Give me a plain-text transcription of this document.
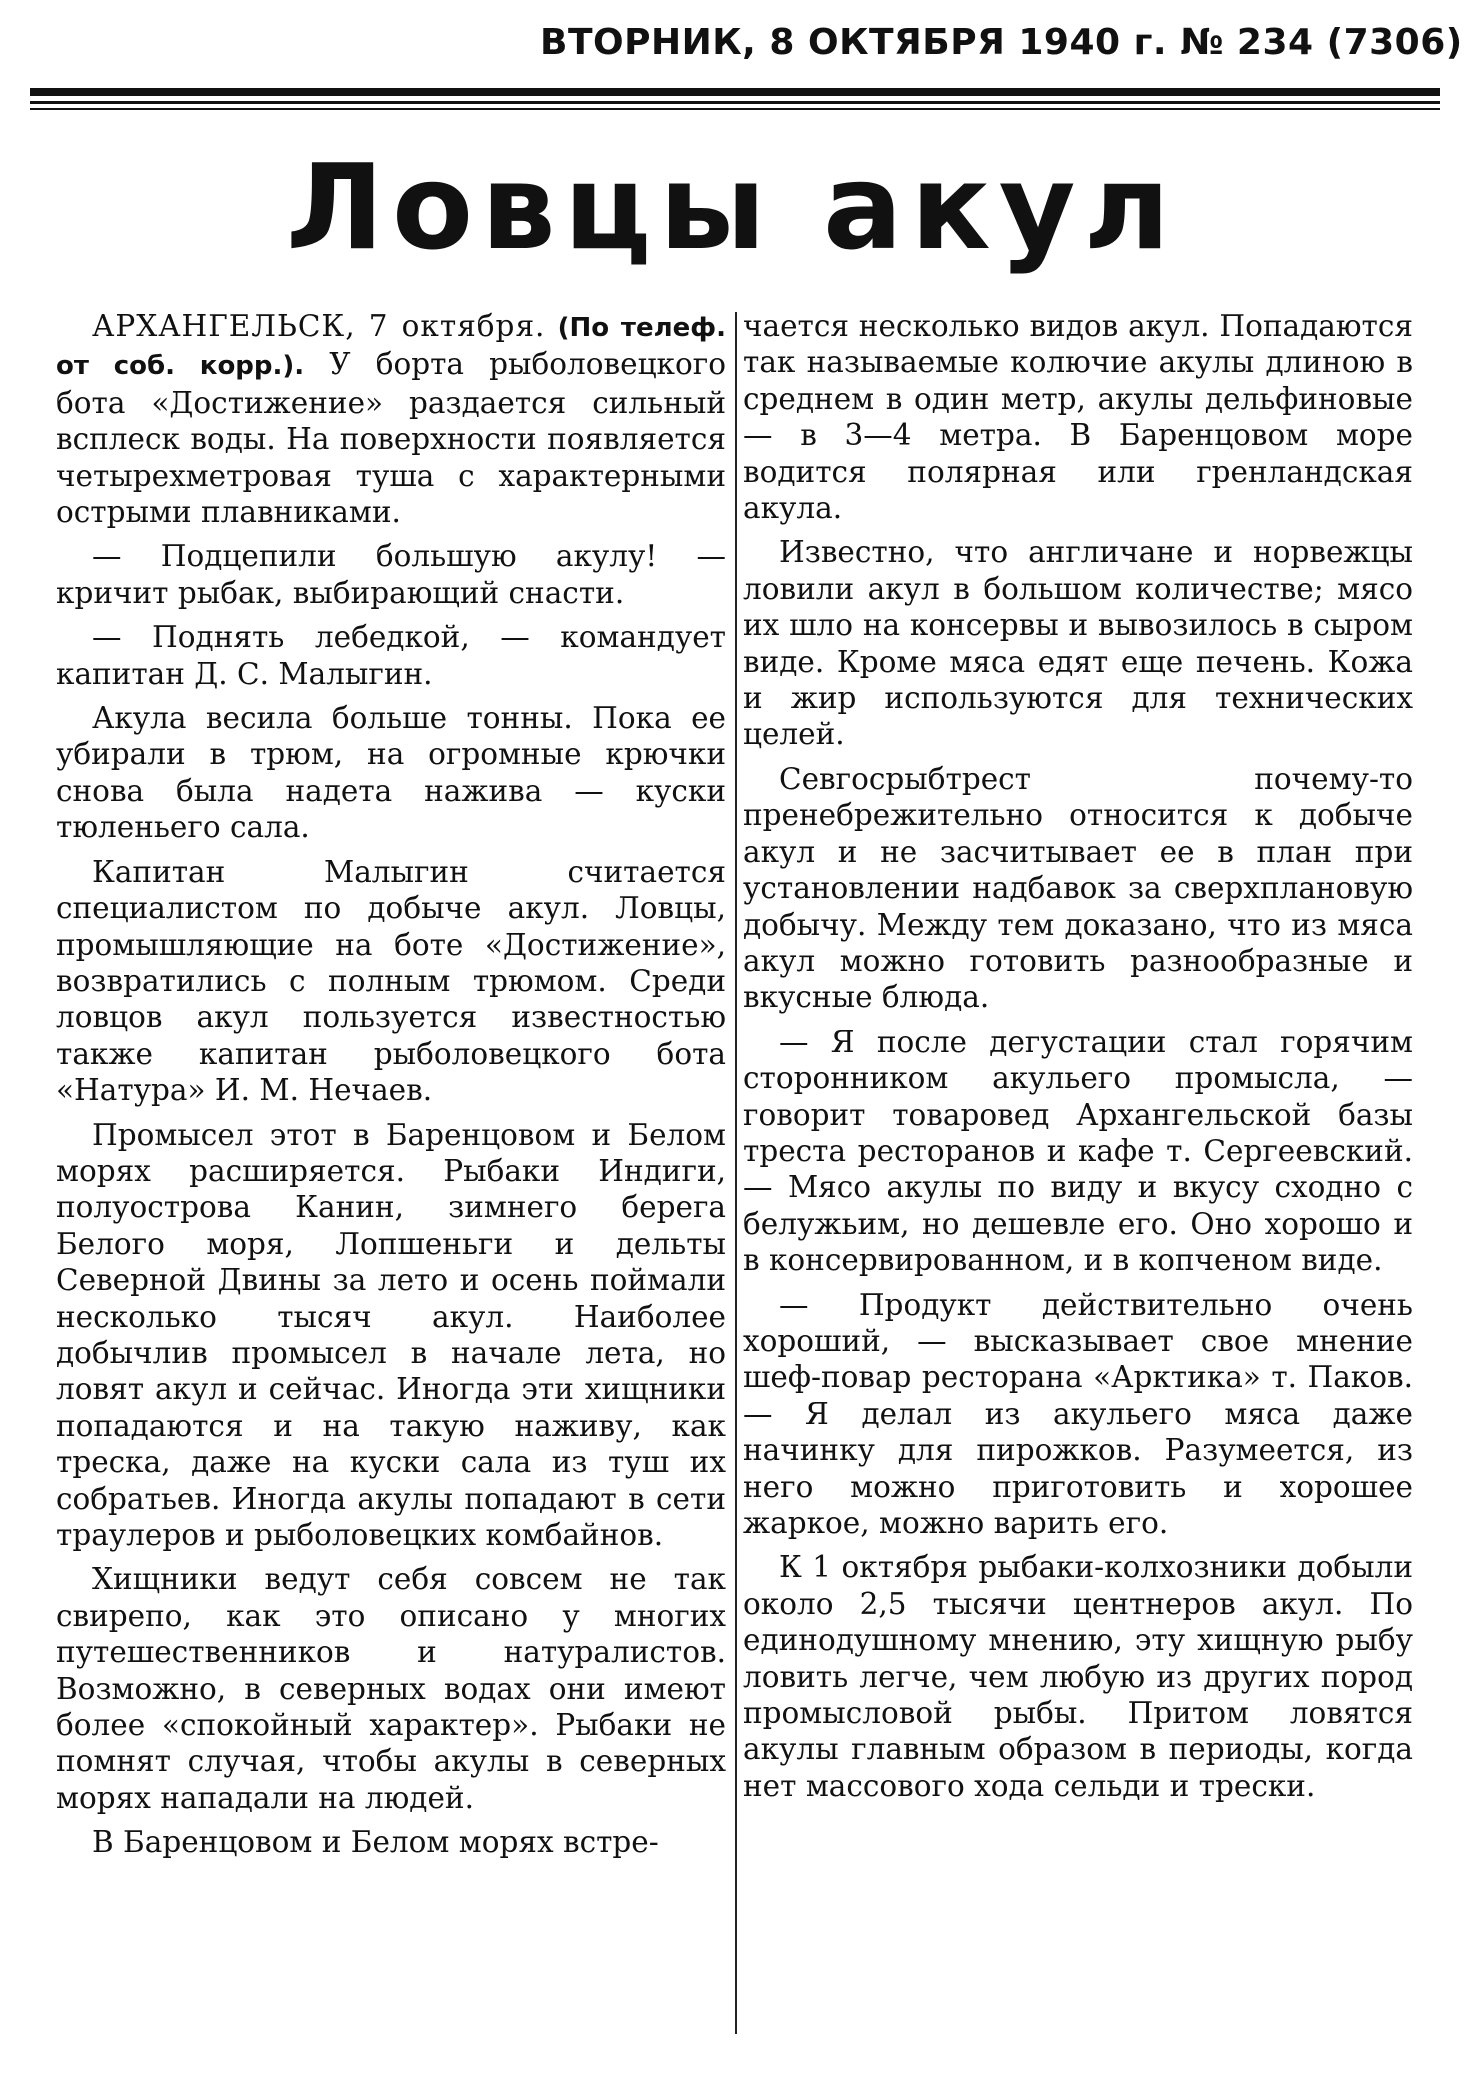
ВТОРНИК, 8 ОКТЯБРЯ 1940 г. № 234 (7306)
Ловцы акул

АРХАНГЕЛЬСК, 7 октября. (По телеф. от соб. корр.). У борта рыболовецкого бота «Достижение» раздается сильный всплеск воды. На поверхности появляется четырехметровая туша с характерными острыми плавниками.

— Подцепили большую акулу! — кричит рыбак, выбирающий снасти.

— Поднять лебедкой, — командует капитан Д. С. Малыгин.

Акула весила больше тонны. Пока ее убирали в трюм, на огромные крючки снова была надета нажива — куски тюленьего сала.

Капитан Малыгин считается специалистом по добыче акул. Ловцы, промышляющие на боте «Достижение», возвратились с полным трюмом. Среди ловцов акул пользуется известностью также капитан рыболовецкого бота «Натура» И. М. Нечаев.

Промысел этот в Баренцовом и Белом морях расширяется. Рыбаки Индиги, полуострова Канин, зимнего берега Белого моря, Лопшеньги и дельты Северной Двины за лето и осень поймали несколько тысяч акул. Наиболее добычлив промысел в начале лета, но ловят акул и сейчас. Иногда эти хищники попадаются и на такую наживу, как треска, даже на куски сала из туш их собратьев. Иногда акулы попадают в сети траулеров и рыболовецких комбайнов.

Хищники ведут себя совсем не так свирепо, как это описано у многих путешественников и натуралистов. Возможно, в северных водах они имеют более «спокойный характер». Рыбаки не помнят случая, чтобы акулы в северных морях нападали на людей.

В Баренцовом и Белом морях встре-

чается несколько видов акул. Попадаются так называемые колючие акулы длиною в среднем в один метр, акулы дельфиновые — в 3—4 метра. В Баренцовом море водится полярная или гренландская акула.

Известно, что англичане и норвежцы ловили акул в большом количестве; мясо их шло на консервы и вывозилось в сыром виде. Кроме мяса едят еще печень. Кожа и жир используются для технических целей.

Севгосрыбтрест почему-то пренебрежительно относится к добыче акул и не засчитывает ее в план при установлении надбавок за сверхплановую добычу. Между тем доказано, что из мяса акул можно готовить разнообразные и вкусные блюда.

— Я после дегустации стал горячим сторонником акульего промысла, — говорит товаровед Архангельской базы треста ресторанов и кафе т. Сергеевский. — Мясо акулы по виду и вкусу сходно с белужьим, но дешевле его. Оно хорошо и в консервированном, и в копченом виде.

— Продукт действительно очень хороший, — высказывает свое мнение шеф-повар ресторана «Арктика» т. Паков. — Я делал из акульего мяса даже начинку для пирожков. Разумеется, из него можно приготовить и хорошее жаркое, можно варить его.

К 1 октября рыбаки-колхозники добыли около 2,5 тысячи центнеров акул. По единодушному мнению, эту хищную рыбу ловить легче, чем любую из других пород промысловой рыбы. Притом ловятся акулы главным образом в периоды, когда нет массового хода сельди и трески.
